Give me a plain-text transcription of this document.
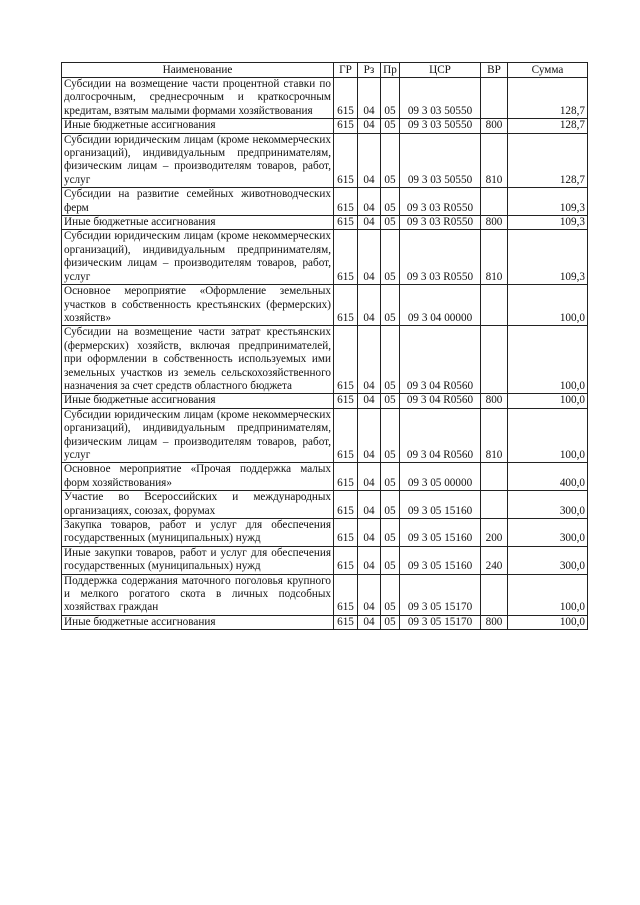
Наименование	ГР	Рз	Пр	ЦСР	ВР	Сумма
Субсидии на возмещение части процентной ставки по долгосрочным, среднесрочным и краткосрочным кредитам, взятым малыми формами хозяйствования	615	04	05	09 3 03 50550		128,7
Иные бюджетные ассигнования	615	04	05	09 3 03 50550	800	128,7
Субсидии юридическим лицам (кроме некоммерческих организаций), индивидуальным предпринимателям, физическим лицам – производителям товаров, работ, услуг	615	04	05	09 3 03 50550	810	128,7
Субсидии на развитие семейных животноводческих ферм	615	04	05	09 3 03 R0550		109,3
Иные бюджетные ассигнования	615	04	05	09 3 03 R0550	800	109,3
Субсидии юридическим лицам (кроме некоммерческих организаций), индивидуальным предпринимателям, физическим лицам – производителям товаров, работ, услуг	615	04	05	09 3 03 R0550	810	109,3
Основное мероприятие «Оформление земельных участков в собственность крестьянских (фермерских) хозяйств»	615	04	05	09 3 04 00000		100,0
Субсидии на возмещение части затрат крестьянских (фермерских) хозяйств, включая предпринимателей, при оформлении в собственность используемых ими земельных участков из земель сельскохозяйственного назначения за счет средств областного бюджета	615	04	05	09 3 04 R0560		100,0
Иные бюджетные ассигнования	615	04	05	09 3 04 R0560	800	100,0
Субсидии юридическим лицам (кроме некоммерческих организаций), индивидуальным предпринимателям, физическим лицам – производителям товаров, работ, услуг	615	04	05	09 3 04 R0560	810	100,0
Основное мероприятие «Прочая поддержка малых форм хозяйствования»	615	04	05	09 3 05 00000		400,0
Участие во Всероссийских и международных организациях, союзах, форумах	615	04	05	09 3 05 15160		300,0
Закупка товаров, работ и услуг для обеспечения государственных (муниципальных) нужд	615	04	05	09 3 05 15160	200	300,0
Иные закупки товаров, работ и услуг для обеспечения государственных (муниципальных) нужд	615	04	05	09 3 05 15160	240	300,0
Поддержка содержания маточного поголовья крупного и мелкого рогатого скота в личных подсобных хозяйствах граждан	615	04	05	09 3 05 15170		100,0
Иные бюджетные ассигнования	615	04	05	09 3 05 15170	800	100,0
